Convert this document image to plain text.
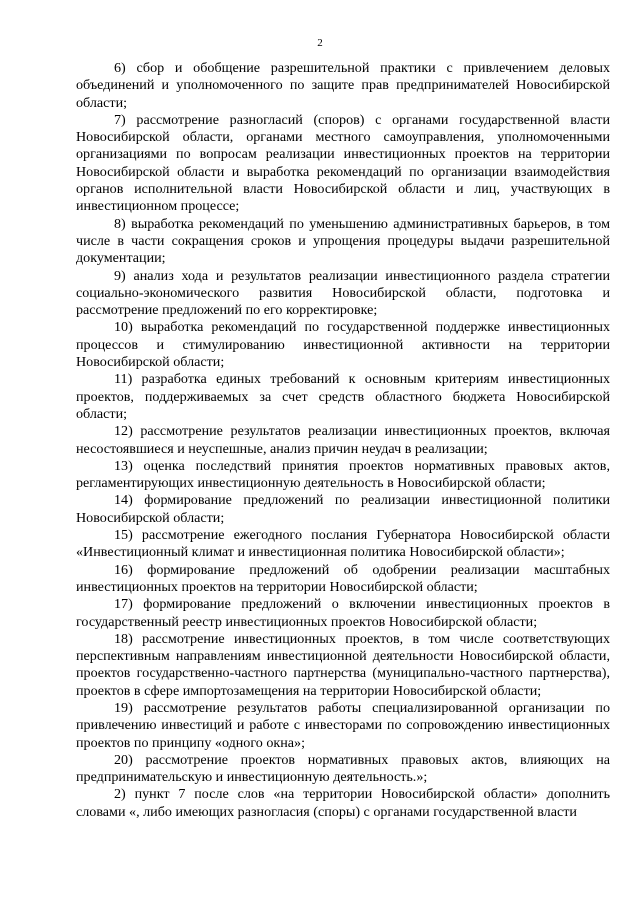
2

6) сбор и обобщение разрешительной практики с привлечением деловых объединений и уполномоченного по защите прав предпринимателей Новосибирской области;

7) рассмотрение разногласий (споров) с органами государственной власти Новосибирской области, органами местного самоуправления, уполномоченными организациями по вопросам реализации инвестиционных проектов на территории Новосибирской области и выработка рекомендаций по организации взаимодействия органов исполнительной власти Новосибирской области и лиц, участвующих в инвестиционном процессе;

8) выработка рекомендаций по уменьшению административных барьеров, в том числе в части сокращения сроков и упрощения процедуры выдачи разрешительной документации;

9) анализ хода и результатов реализации инвестиционного раздела стратегии социально-экономического развития Новосибирской области, подготовка и рассмотрение предложений по его корректировке;

10) выработка рекомендаций по государственной поддержке инвестиционных процессов и стимулированию инвестиционной активности на территории Новосибирской области;

11) разработка единых требований к основным критериям инвестиционных проектов, поддерживаемых за счет средств областного бюджета Новосибирской области;

12) рассмотрение результатов реализации инвестиционных проектов, включая несостоявшиеся и неуспешные, анализ причин неудач в реализации;

13) оценка последствий принятия проектов нормативных правовых актов, регламентирующих инвестиционную деятельность в Новосибирской области;

14) формирование предложений по реализации инвестиционной политики Новосибирской области;

15) рассмотрение ежегодного послания Губернатора Новосибирской области «Инвестиционный климат и инвестиционная политика Новосибирской области»;

16) формирование предложений об одобрении реализации масштабных инвестиционных проектов на территории Новосибирской области;

17) формирование предложений о включении инвестиционных проектов в государственный реестр инвестиционных проектов Новосибирской области;

18) рассмотрение инвестиционных проектов, в том числе соответствующих перспективным направлениям инвестиционной деятельности Новосибирской области, проектов государственно-частного партнерства (муниципально-частного партнерства), проектов в сфере импортозамещения на территории Новосибирской области;

19) рассмотрение результатов работы специализированной организации по привлечению инвестиций и работе с инвесторами по сопровождению инвестиционных проектов по принципу «одного окна»;

20) рассмотрение проектов нормативных правовых актов, влияющих на предпринимательскую и инвестиционную деятельность.»;

2) пункт 7 после слов «на территории Новосибирской области» дополнить словами «, либо имеющих разногласия (споры) с органами государственной власти
